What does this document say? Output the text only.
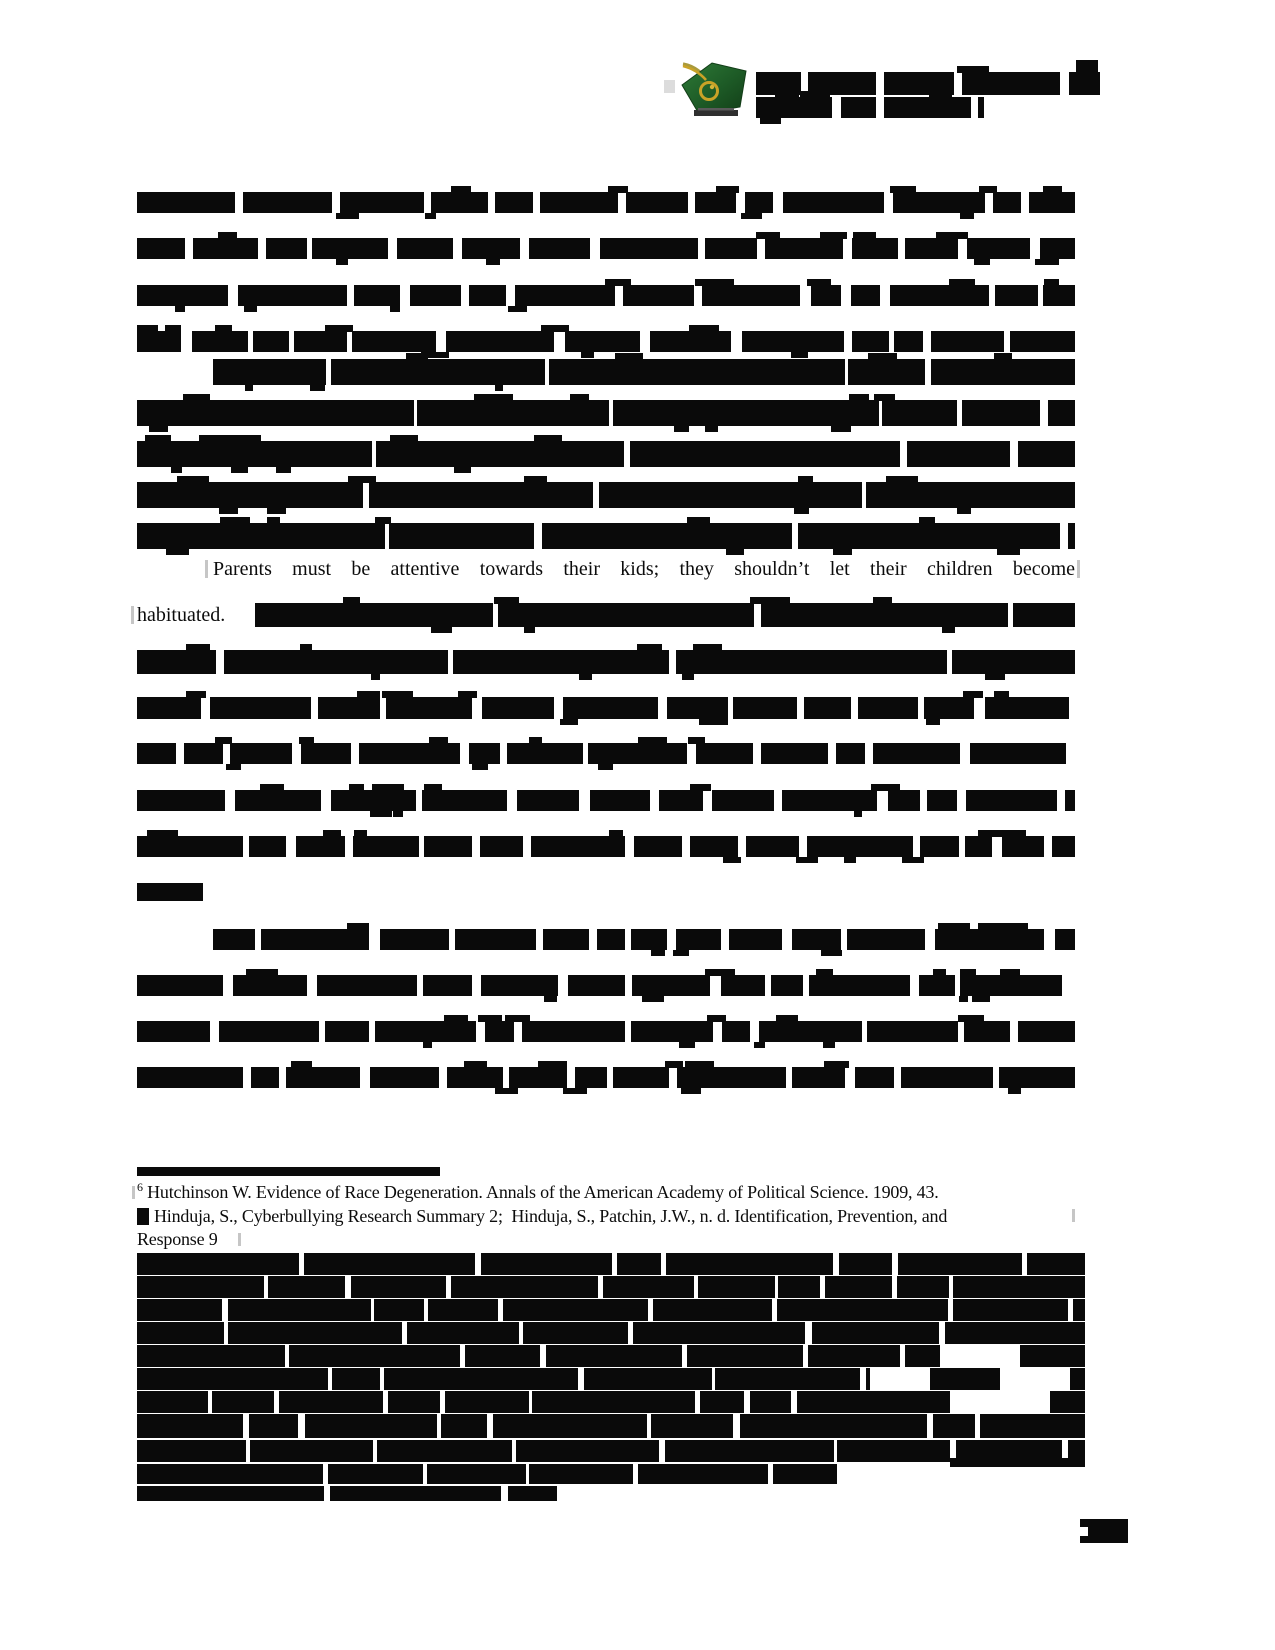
Parents must be attentive towards their kids; they shouldn’t let their children become
habituated.
$^6$ Hutchinson W. Evidence of Race Degeneration. Annals of the American Academy of Political Science. 1909, 43.
Hinduja, S., Cyberbullying Research Summary 2;  Hinduja, S., Patchin, J.W., n. d. Identification, Prevention, and
Response 9
